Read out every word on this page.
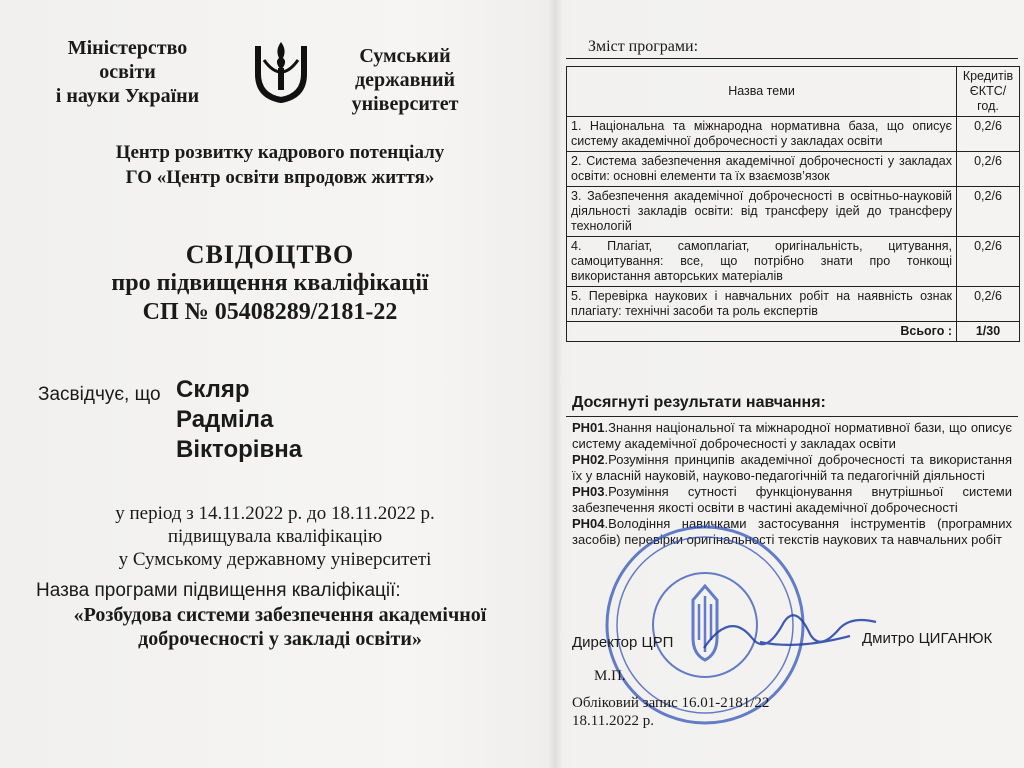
Міністерство
освіти
і науки України
Сумський
державний
університет
Центр розвитку кадрового потенціалу
ГО «Центр освіти впродовж життя»
СВІДОЦТВО
про підвищення кваліфікації
СП № 05408289/2181-22
Засвідчує, що Скляр
Радміла
Вікторівна
у період з 14.11.2022 р. до 18.11.2022 р.
підвищувала кваліфікацію
у Сумському державному університеті
Назва програми підвищення кваліфікації:
«Розбудова системи забезпечення академічної
доброчесності у закладі освіти»
Зміст програми:
Назва теми	Кредитів
ЄКТС/
год.

1. Національна та міжнародна нормативна база, що описує систему академічної доброчесності у закладах освіти	0,2/6
2. Система забезпечення академічної доброчесності у закладах освіти: основні елементи та їх взаємозв’язок	0,2/6
3. Забезпечення академічної доброчесності в освітньо-науковій діяльності закладів освіти: від трансферу ідей до трансферу технологій	0,2/6
4. Плагіат, самоплагіат, оригінальність, цитування, самоцитування: все, що потрібно знати про тонкощі використання авторських матеріалів	0,2/6
5. Перевірка наукових і навчальних робіт на наявність ознак плагіату: технічні засоби та роль експертів	0,2/6
Всього :	1/30
Досягнуті результати навчання:

РН01.Знання національної та міжнародної нормативної бази, що описує систему академічної доброчесності у закладах освіти

РН02.Розуміння принципів академічної доброчесності та використання їх у власній науковій, науково-педагогічній та педагогічній діяльності

РН03.Розуміння сутності функціонування внутрішньої системи забезпечення якості освіти в частині академічної доброчесності

РН04.Володіння навичками застосування інструментів (програмних засобів) перевірки оригінальності текстів наукових та навчальних робіт

Директор ЦРП	Дмитро ЦИГАНЮК
М.П.
Обліковий запис 16.01-2181/22
18.11.2022 р.
